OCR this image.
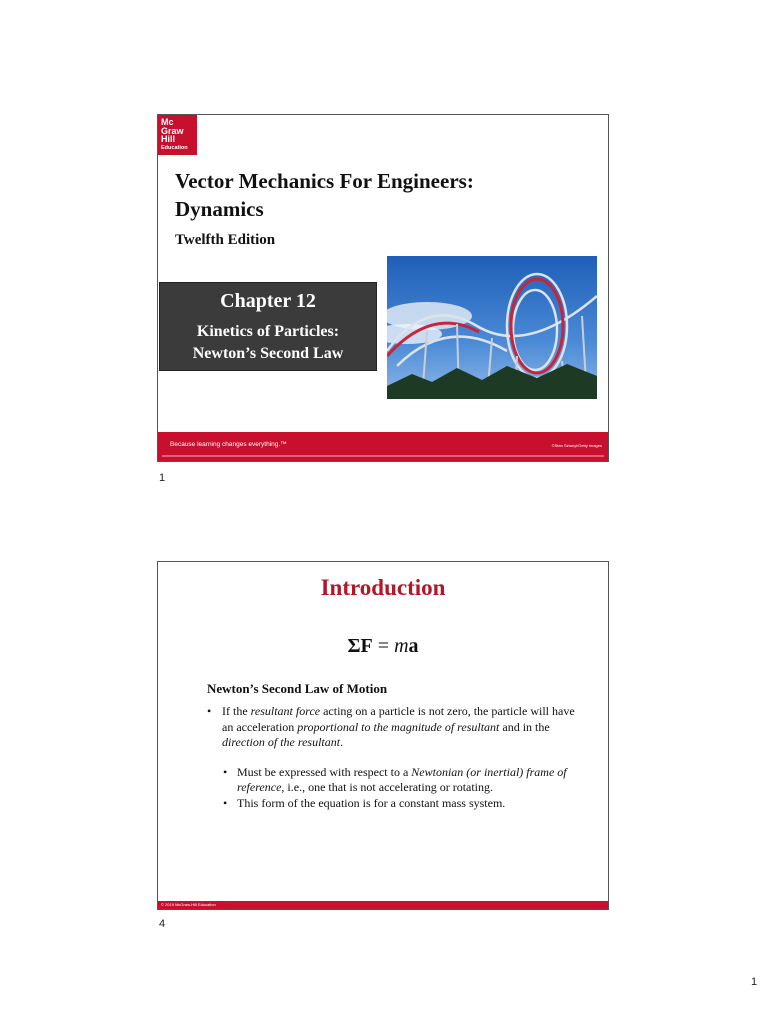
Mc
Graw
Hill
Education
Vector Mechanics For Engineers:
Dynamics
Twelfth Edition
Chapter 12
Kinetics of Particles:
Newton’s Second Law
Because learning changes everything.™	©Stan Sztanyi/Getty Images
1
Introduction
ΣF = ma
Newton’s Second Law of Motion
• If the resultant force acting on a particle is not zero, the particle will have an acceleration proportional to the magnitude of resultant and in the direction of the resultant.
• Must be expressed with respect to a Newtonian (or inertial) frame of reference, i.e., one that is not accelerating or rotating.
• This form of the equation is for a constant mass system.
© 2019 McGraw-Hill Education
4
1
